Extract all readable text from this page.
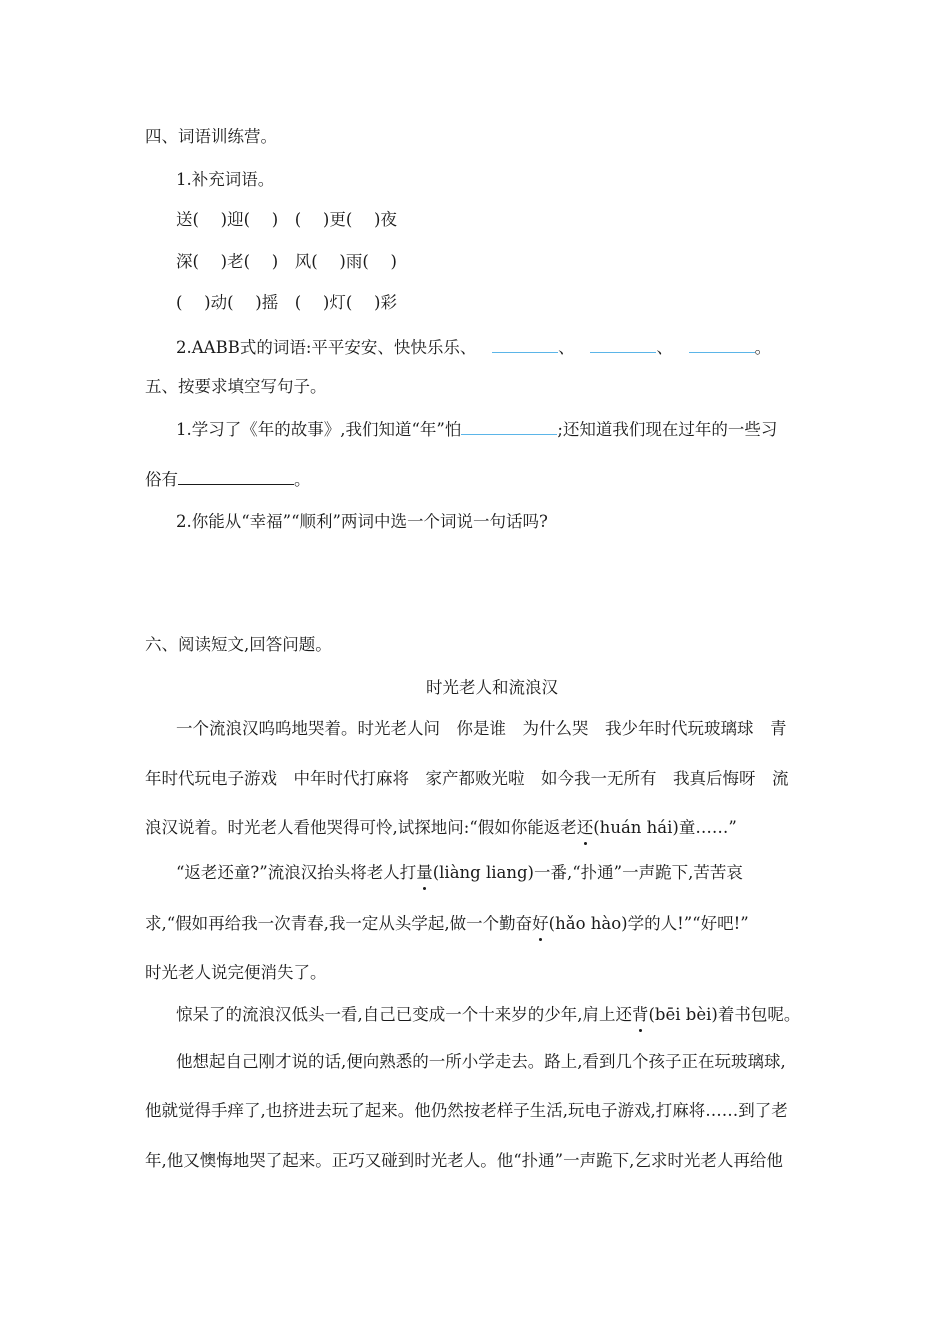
四、词语训练营。
1.补充词语。
送(　 )迎(　 )　(　 )更(　 )夜
深(　 )老(　 )　风(　 )雨(　 )
(　 )动(　 )摇　(　 )灯(　 )彩
2.AABB式的词语:平平安安、快快乐乐、	、	、	。
五、按要求填空写句子。
1.学习了《年的故事》,我们知道“年”怕	;还知道我们现在过年的一些习
俗有	。
2.你能从“幸福”“顺利”两词中选一个词说一句话吗?
六、阅读短文,回答问题。
时光老人和流浪汉
一个流浪汉呜呜地哭着。时光老人问　你是谁　为什么哭　我少年时代玩玻璃球　青
年时代玩电子游戏　中年时代打麻将　家产都败光啦　如今我一无所有　我真后悔呀　流
浪汉说着。时光老人看他哭得可怜,试探地问:“假如你能返老还(huán hái)童……”
“返老还童?”流浪汉抬头将老人打量(liàng liang)一番,“扑通”一声跪下,苦苦哀
求,“假如再给我一次青春,我一定从头学起,做一个勤奋好(hǎo hào)学的人!”“好吧!”
时光老人说完便消失了。
惊呆了的流浪汉低头一看,自己已变成一个十来岁的少年,肩上还背(bēi bèi)着书包呢。
他想起自己刚才说的话,便向熟悉的一所小学走去。路上,看到几个孩子正在玩玻璃球,
他就觉得手痒了,也挤进去玩了起来。他仍然按老样子生活,玩电子游戏,打麻将……到了老
年,他又懊悔地哭了起来。正巧又碰到时光老人。他“扑通”一声跪下,乞求时光老人再给他
